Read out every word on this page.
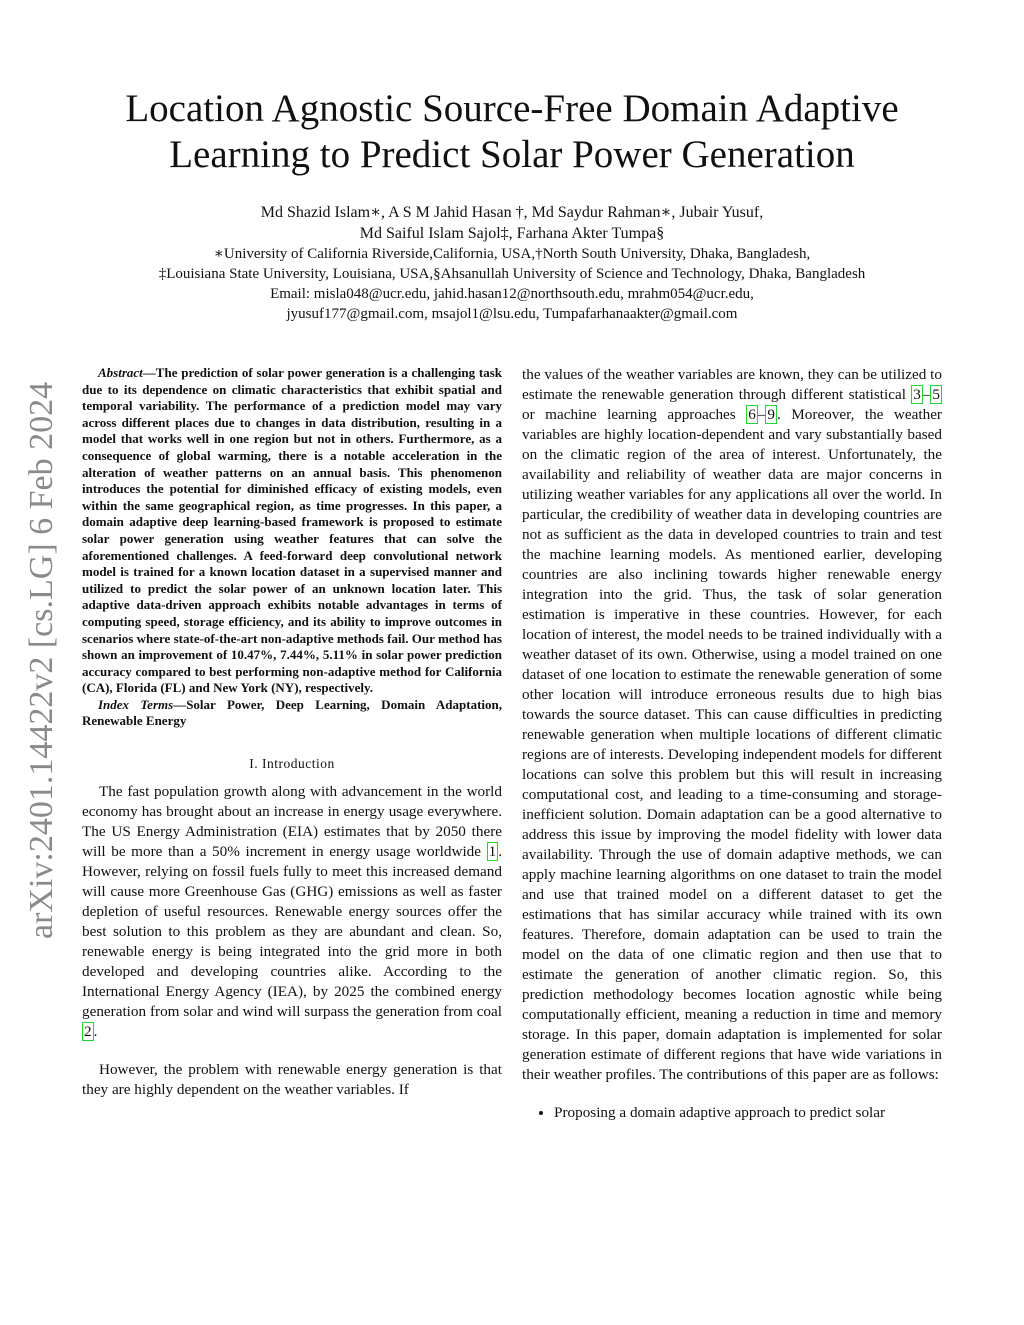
arXiv:2401.14422v2 [cs.LG] 6 Feb 2024
Location Agnostic Source-Free Domain Adaptive Learning to Predict Solar Power Generation
Md Shazid Islam∗, A S M Jahid Hasan †, Md Saydur Rahman∗, Jubair Yusuf,
Md Saiful Islam Sajol‡, Farhana Akter Tumpa§
∗University of California Riverside,California, USA,†North South University, Dhaka, Bangladesh,
‡Louisiana State University, Louisiana, USA,§Ahsanullah University of Science and Technology, Dhaka, Bangladesh
Email: misla048@ucr.edu, jahid.hasan12@northsouth.edu, mrahm054@ucr.edu,
jyusuf177@gmail.com, msajol1@lsu.edu, Tumpafarhanaakter@gmail.com

Abstract—The prediction of solar power generation is a challenging task due to its dependence on climatic characteristics that exhibit spatial and temporal variability. The performance of a prediction model may vary across different places due to changes in data distribution, resulting in a model that works well in one region but not in others. Furthermore, as a consequence of global warming, there is a notable acceleration in the alteration of weather patterns on an annual basis. This phenomenon introduces the potential for diminished efficacy of existing models, even within the same geographical region, as time progresses. In this paper, a domain adaptive deep learning-based framework is proposed to estimate solar power generation using weather features that can solve the aforementioned challenges. A feed-forward deep convolutional network model is trained for a known location dataset in a supervised manner and utilized to predict the solar power of an unknown location later. This adaptive data-driven approach exhibits notable advantages in terms of computing speed, storage efficiency, and its ability to improve outcomes in scenarios where state-of-the-art non-adaptive methods fail. Our method has shown an improvement of 10.47%, 7.44%, 5.11% in solar power prediction accuracy compared to best performing non-adaptive method for California (CA), Florida (FL) and New York (NY), respectively.

Index Terms—Solar Power, Deep Learning, Domain Adaptation, Renewable Energy

I. Introduction

The fast population growth along with advancement in the world economy has brought about an increase in energy usage everywhere. The US Energy Administration (EIA) estimates that by 2050 there will be more than a 50% increment in energy usage worldwide 1 . However, relying on fossil fuels fully to meet this increased demand will cause more Greenhouse Gas (GHG) emissions as well as faster depletion of useful resources. Renewable energy sources offer the best solution to this problem as they are abundant and clean. So, renewable energy is being integrated into the grid more in both developed and developing countries alike. According to the International Energy Agency (IEA), by 2025 the combined energy generation from solar and wind will surpass the generation from coal 2 .

However, the problem with renewable energy generation is that they are highly dependent on the weather variables. If

the values of the weather variables are known, they can be utilized to estimate the renewable generation through different statistical 3 – 5 or machine learning approaches 6 – 9 . Moreover, the weather variables are highly location-dependent and vary substantially based on the climatic region of the area of interest. Unfortunately, the availability and reliability of weather data are major concerns in utilizing weather variables for any applications all over the world. In particular, the credibility of weather data in developing countries are not as sufficient as the data in developed countries to train and test the machine learning models. As mentioned earlier, developing countries are also inclining towards higher renewable energy integration into the grid. Thus, the task of solar generation estimation is imperative in these countries. However, for each location of interest, the model needs to be trained individually with a weather dataset of its own. Otherwise, using a model trained on one dataset of one location to estimate the renewable generation of some other location will introduce erroneous results due to high bias towards the source dataset. This can cause difficulties in predicting renewable generation when multiple locations of different climatic regions are of interests. Developing independent models for different locations can solve this problem but this will result in increasing computational cost, and leading to a time-consuming and storage-inefficient solution. Domain adaptation can be a good alternative to address this issue by improving the model fidelity with lower data availability. Through the use of domain adaptive methods, we can apply machine learning algorithms on one dataset to train the model and use that trained model on a different dataset to get the estimations that has similar accuracy while trained with its own features. Therefore, domain adaptation can be used to train the model on the data of one climatic region and then use that to estimate the generation of another climatic region. So, this prediction methodology becomes location agnostic while being computationally efficient, meaning a reduction in time and memory storage. In this paper, domain adaptation is implemented for solar generation estimate of different regions that have wide variations in their weather profiles. The contributions of this paper are as follows:

• Proposing a domain adaptive approach to predict solar
